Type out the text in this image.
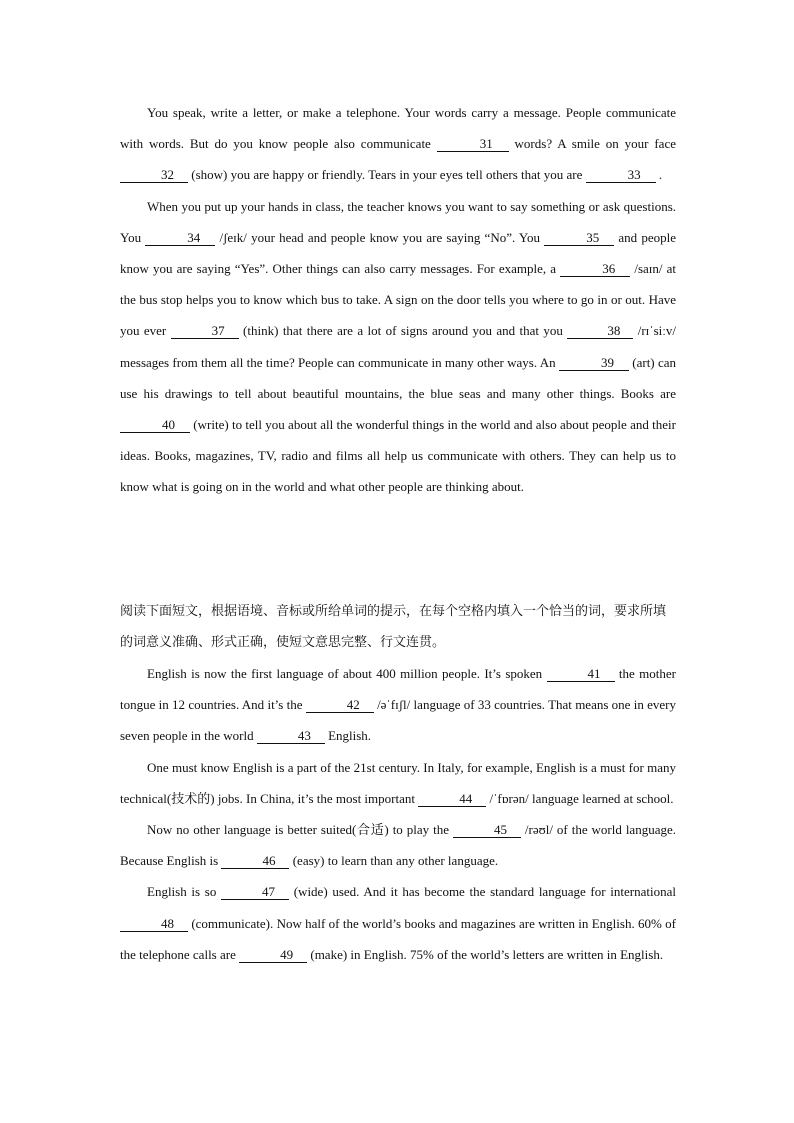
You speak, write a letter, or make a telephone. Your words carry a message. People communicate with words. But do you know people also communicate	31 words? A smile on your face 32 (show) you are happy or friendly. Tears in your eyes tell others that you are	33 .

When you put up your hands in class, the teacher knows you want to say something or ask questions. You	34 /ʃeɪk/ your head and people know you are saying “No”. You	35 and people know you are saying “Yes”. Other things can also carry messages. For example, a	36 /saɪn/ at the bus stop helps you to know which bus to take. A sign on the door tells you where to go in or out. Have you ever	37 (think) that there are a lot of signs around you and that you	38 /rɪˈsiːv/ messages from them all the time? People can communicate in many other ways. An	39 (art) can use his drawings to tell about beautiful mountains, the blue seas and many other things. Books are 40 (write) to tell you about all the wonderful things in the world and also about people and their ideas. Books, magazines, TV, radio and films all help us communicate with others. They can help us to know what is going on in the world and what other people are thinking about.

阅读下面短文，根据语境、音标或所给单词的提示，在每个空格内填入一个恰当的词，要求所填的词意义准确、形式正确，使短文意思完整、行文连贯。

English is now the first language of about 400 million people. It’s spoken	41 the mother tongue in 12 countries. And it’s the	42 /əˈfɪʃl/ language of 33 countries. That means one in every seven people in the world	43 English.

One must know English is a part of the 21st century. In Italy, for example, English is a must for many technical(技术的) jobs. In China, it’s the most important	44 /ˈfɒrən/ language learned at school.

Now no other language is better suited(合适) to play the	45 /rəʊl/ of the world language. Because English is	46 (easy) to learn than any other language.

English is so	47 (wide) used. And it has become the standard language for international 48 (communicate). Now half of the world’s books and magazines are written in English. 60% of the telephone calls are	49 (make) in English. 75% of the world’s letters are written in English.
